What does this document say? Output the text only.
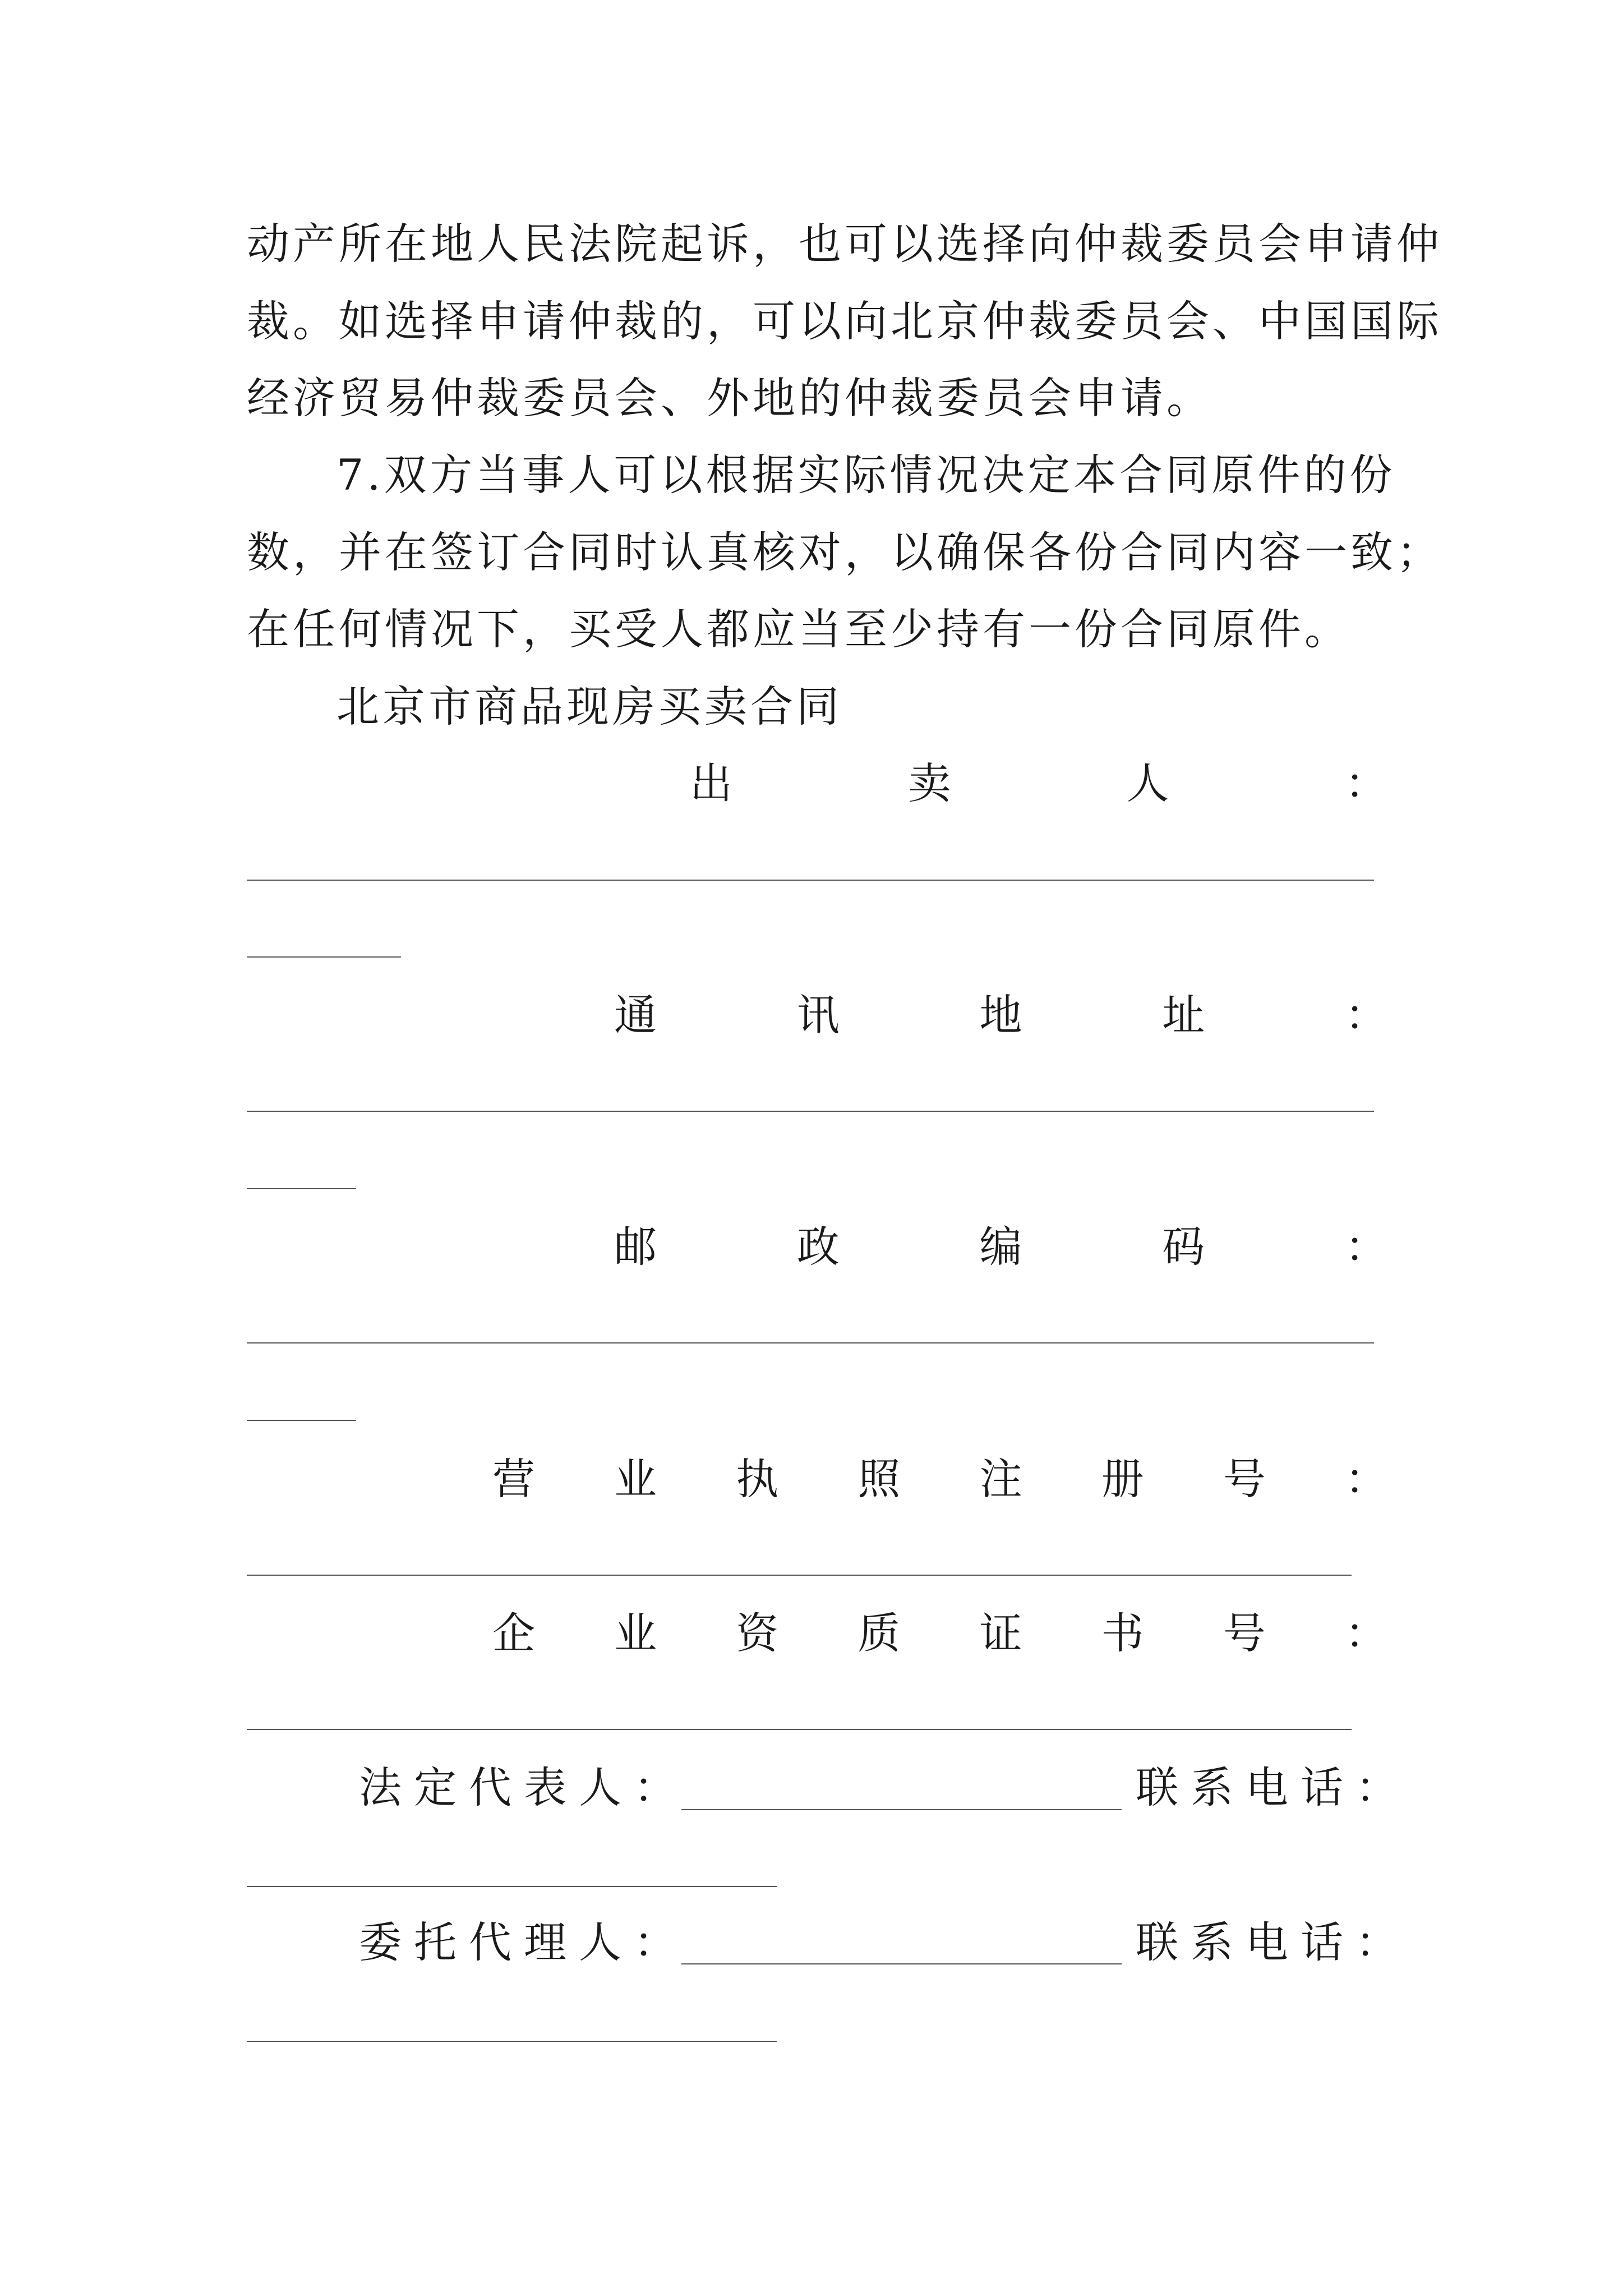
动产所在地人民法院起诉，也可以选择向仲裁委员会申请仲
裁。如选择申请仲裁的，可以向北京仲裁委员会、中国国际
经济贸易仲裁委员会、外地的仲裁委员会申请。
7.双方当事人可以根据实际情况决定本合同原件的份
数，并在签订合同时认真核对，以确保各份合同内容一致；
在任何情况下，买受人都应当至少持有一份合同原件。
北京市商品现房买卖合同
出	卖	人	：
通	讯	地	址	：
邮	政	编	码	：
营 业 执 照 注 册 号 ：
企 业 资 质 证 书 号 ：
法定代表人：	联系电话：
委托代理人：	联系电话：
